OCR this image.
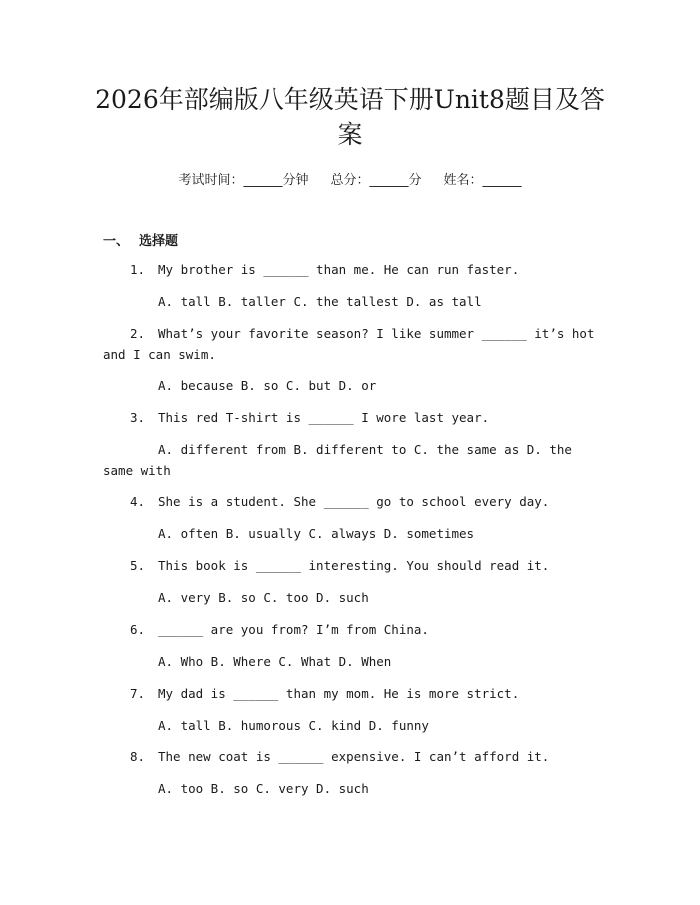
2026年部编版八年级英语下册Unit8题目及答案
考试时间：______分钟 总分：______分 姓名：______
一、 选择题
1. My brother is ______ than me. He can run faster.
A. tall B. taller C. the tallest D. as tall
2. What’s your favorite season? I like summer ______ it’s hot and I can swim.
A. because B. so C. but D. or
3. This red T-shirt is ______ I wore last year.
A. different from B. different to C. the same as D. the same with
4. She is a student. She ______ go to school every day.
A. often B. usually C. always D. sometimes
5. This book is ______ interesting. You should read it.
A. very B. so C. too D. such
6. ______ are you from? I’m from China.
A. Who B. Where C. What D. When
7. My dad is ______ than my mom. He is more strict.
A. tall B. humorous C. kind D. funny
8. The new coat is ______ expensive. I can’t afford it.
A. too B. so C. very D. such
